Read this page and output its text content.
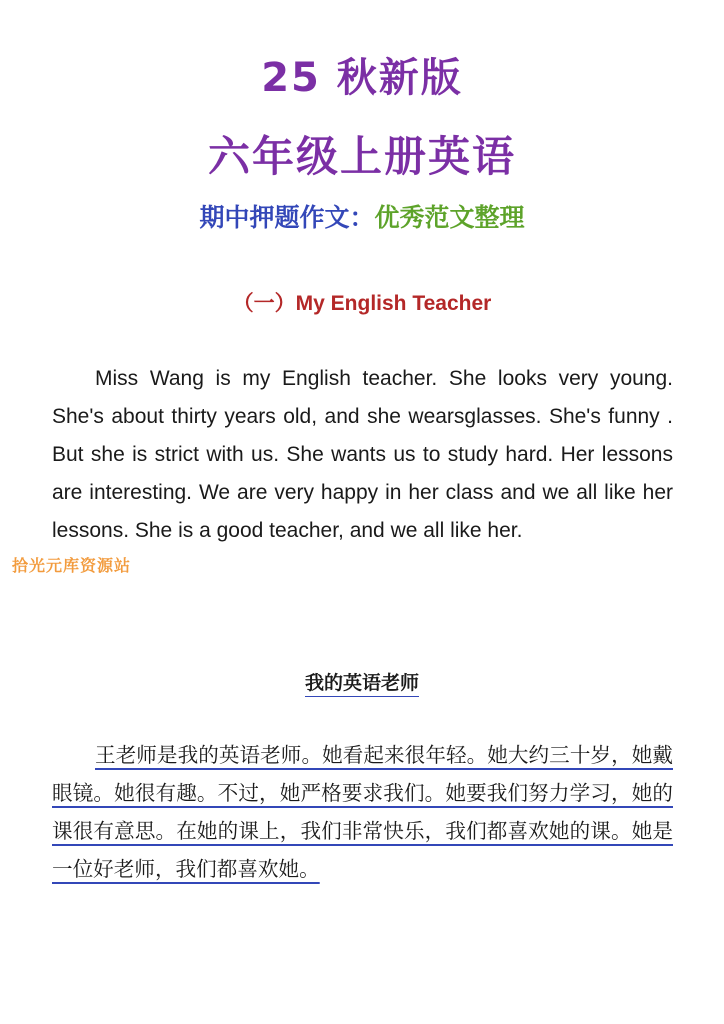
25 秋新版
六年级上册英语
期中押题作文：优秀范文整理
（一）My English Teacher

Miss Wang is my English teacher. She looks very young. She's about thirty years old, and she wearsglasses. She's funny . But she is strict with us. She wants us to study hard. Her lessons are interesting. We are very happy in her class and we all like her lessons. She is a good teacher, and we all like her.

拾光元库资源站
我的英语老师

王老师是我的英语老师。她看起来很年轻。她大约三十岁，她戴眼镜。她很有趣。不过，她严格要求我们。她要我们努力学习，她的课很有意思。在她的课上，我们非常快乐，我们都喜欢她的课。她是一位好老师，我们都喜欢她。
